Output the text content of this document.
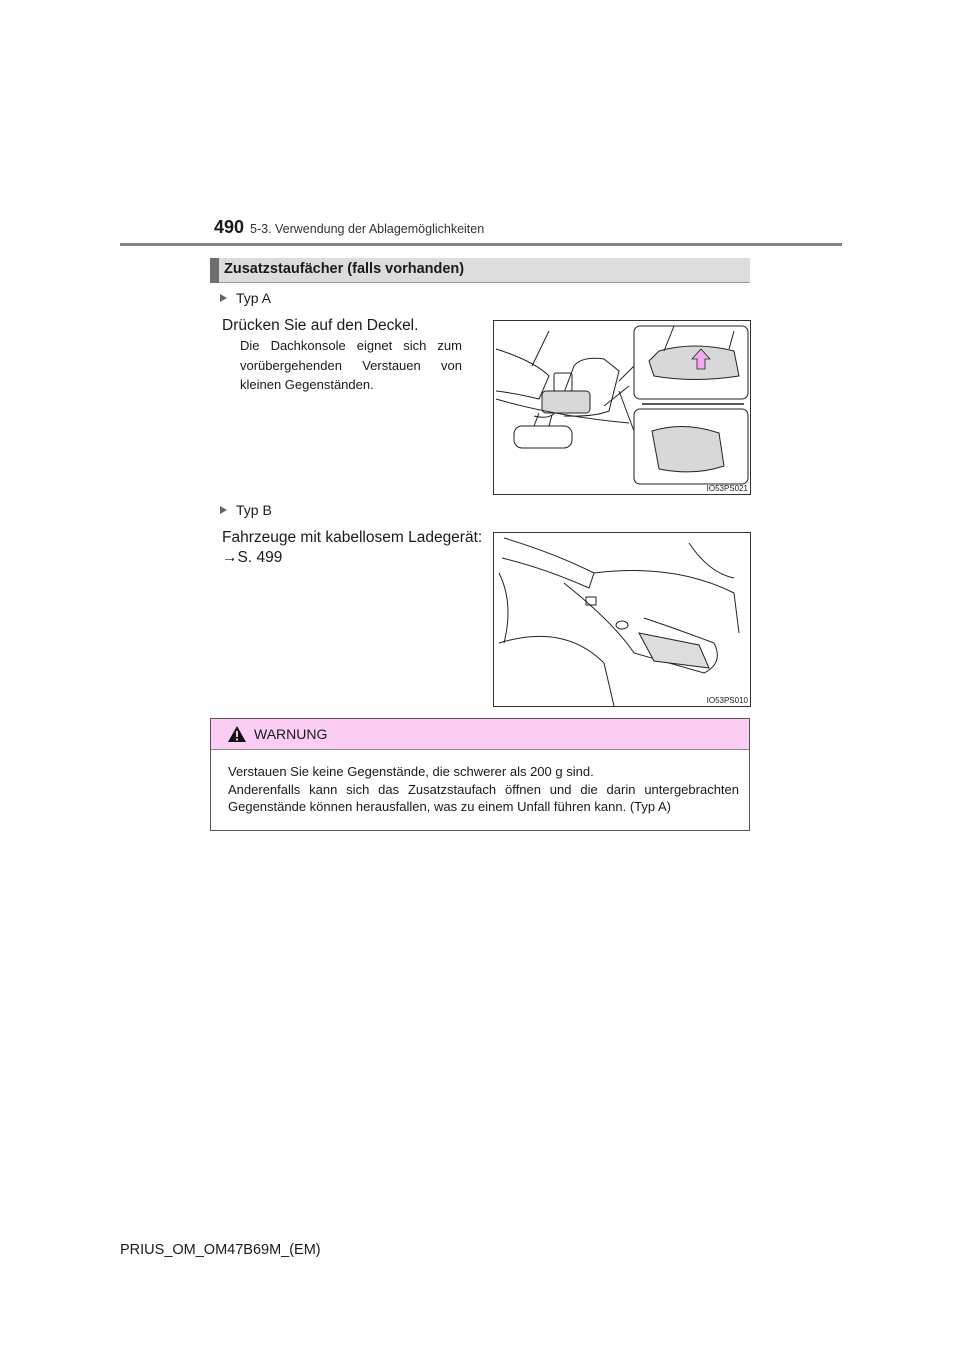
490 5-3. Verwendung der Ablagemöglichkeiten
Zusatzstaufächer (falls vorhanden)
Typ A
Drücken Sie auf den Deckel.
Die Dachkonsole eignet sich zum vorübergehenden Verstauen von kleinen Gegenständen.
IO53PS021
Typ B
Fahrzeuge mit kabellosem Ladegerät:
→S. 499
IO53PS010
WARNUNG
Verstauen Sie keine Gegenstände, die schwerer als 200 g sind.
Anderenfalls kann sich das Zusatzstaufach öffnen und die darin untergebrachten Gegenstände können herausfallen, was zu einem Unfall führen kann. (Typ A)
PRIUS_OM_OM47B69M_(EM)
